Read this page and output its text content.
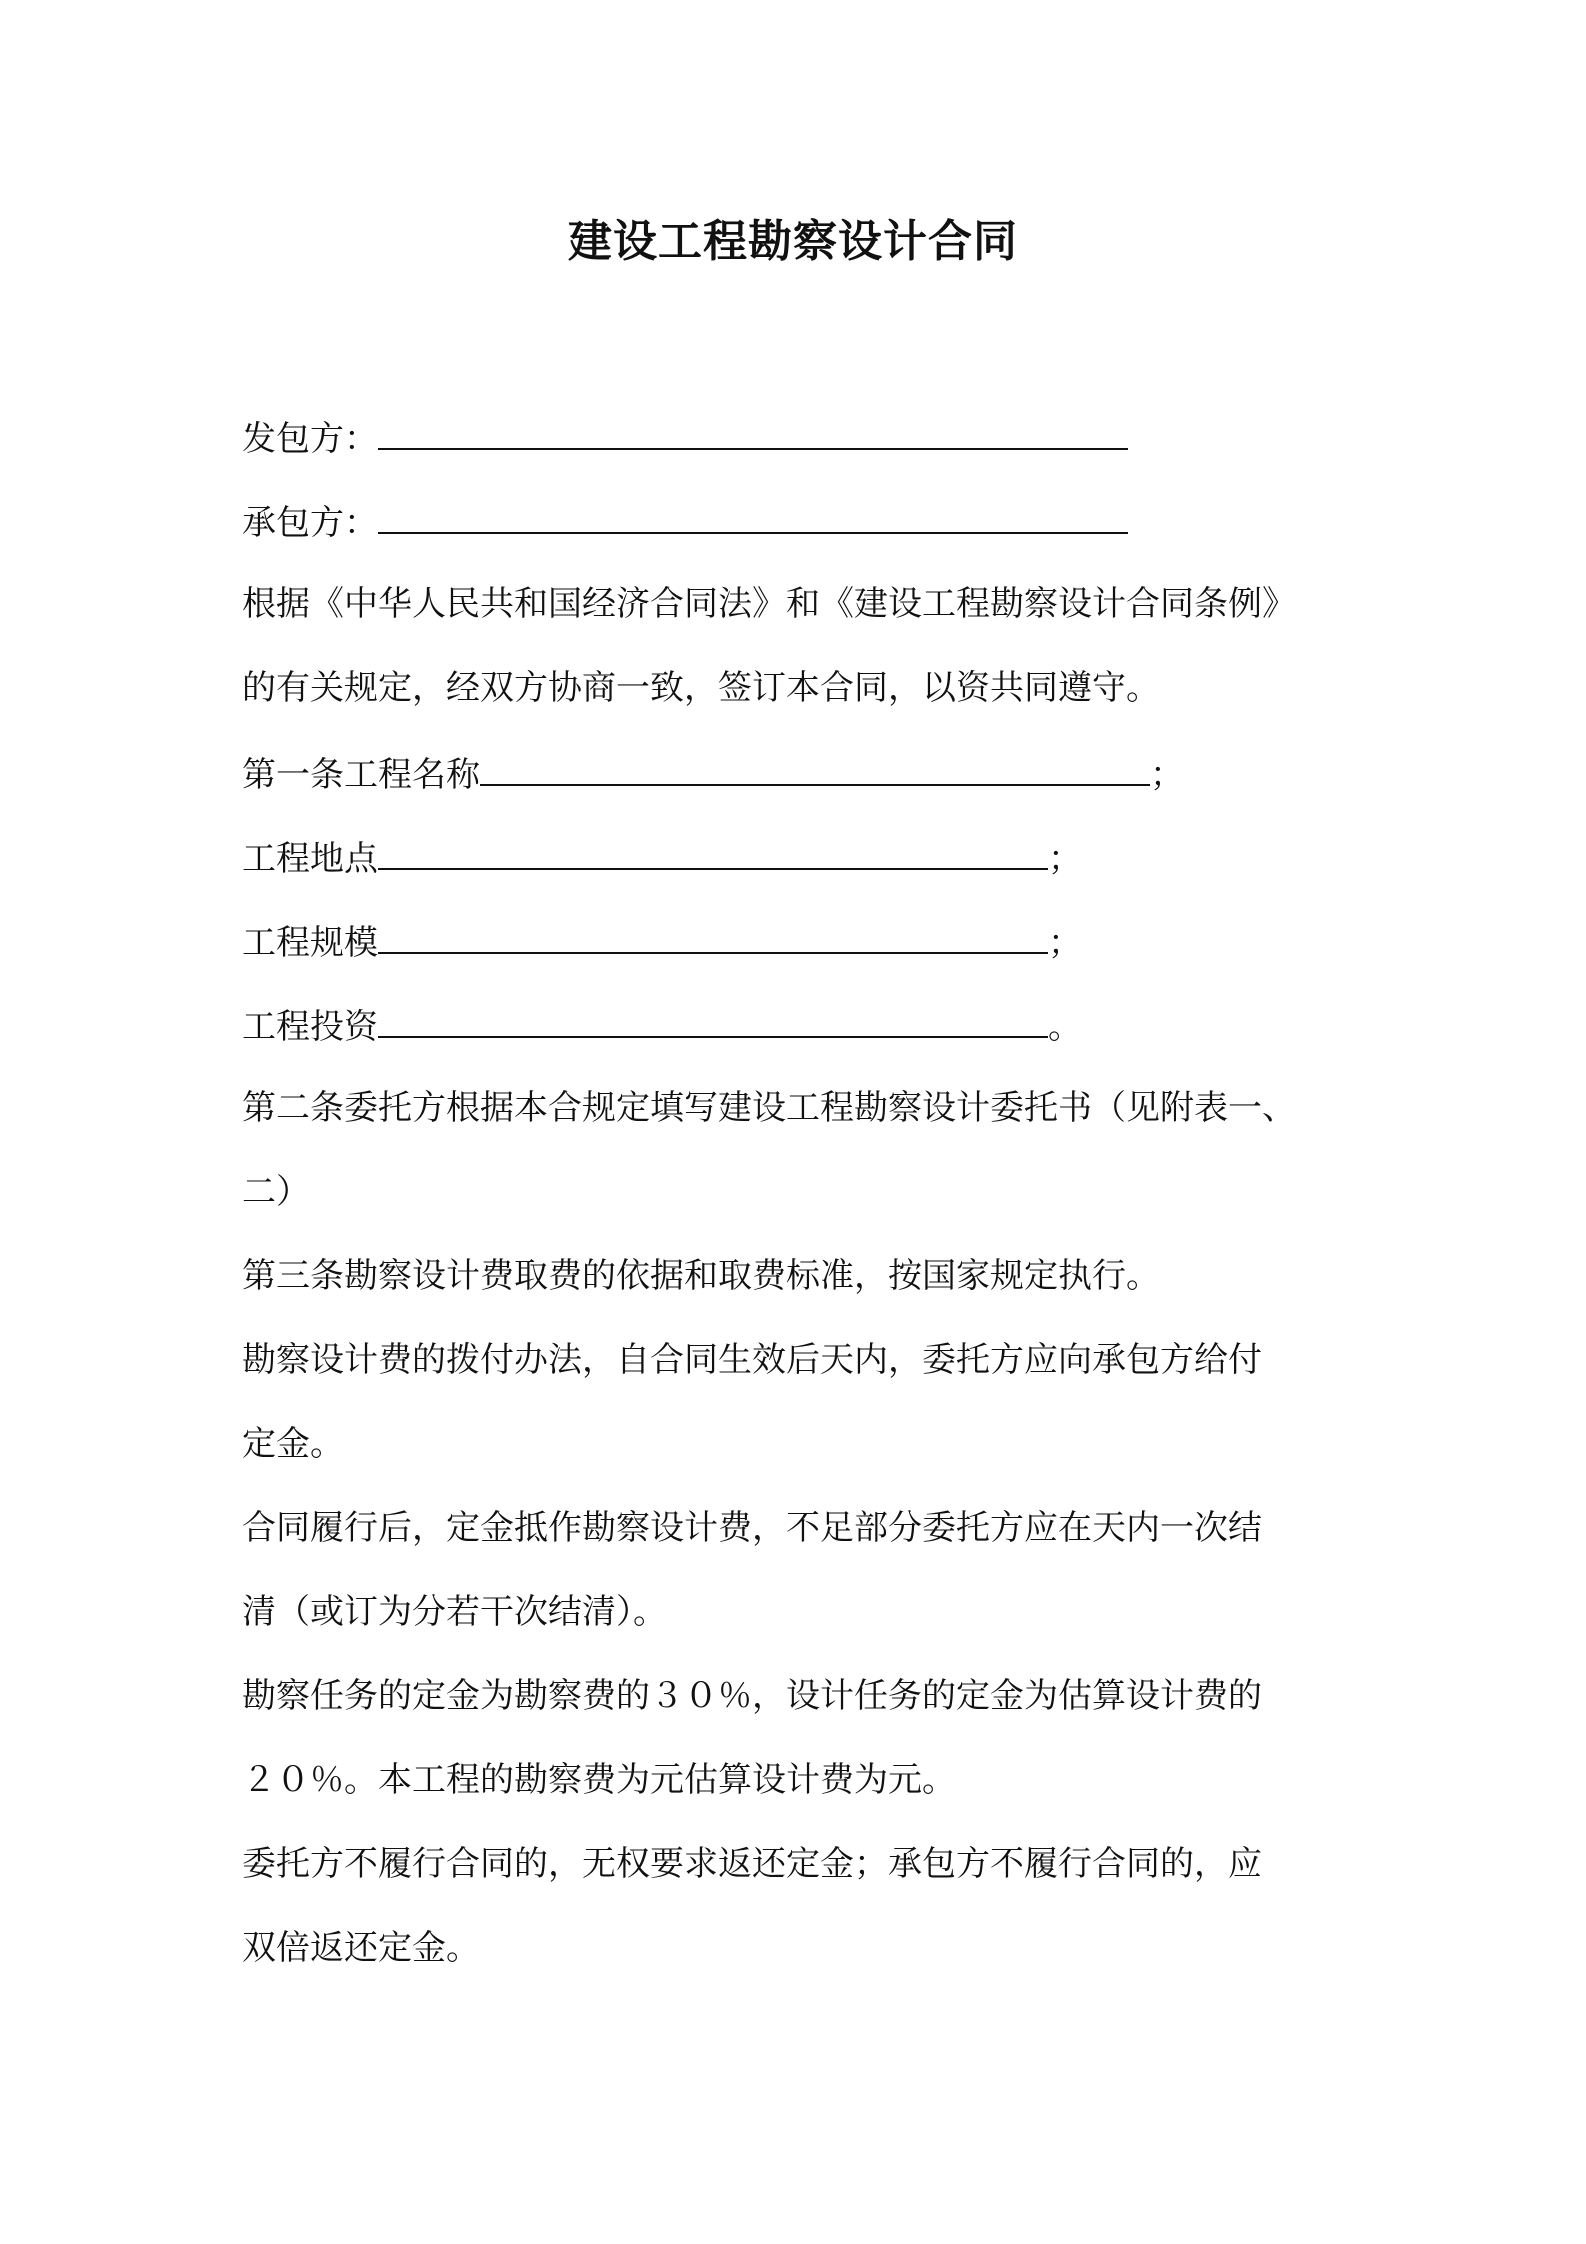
建设工程勘察设计合同
发包方：
承包方：
根据《中华人民共和国经济合同法》和《建设工程勘察设计合同条例》
的有关规定，经双方协商一致，签订本合同，以资共同遵守。
第一条工程名称	；
工程地点	；
工程规模	；
工程投资	。
第二条委托方根据本合规定填写建设工程勘察设计委托书（见附表一、
二）
第三条勘察设计费取费的依据和取费标准，按国家规定执行。
勘察设计费的拨付办法，自合同生效后天内，委托方应向承包方给付
定金。
合同履行后，定金抵作勘察设计费，不足部分委托方应在天内一次结
清（或订为分若干次结清）。
勘察任务的定金为勘察费的３０％，设计任务的定金为估算设计费的
２０％。本工程的勘察费为元估算设计费为元。
委托方不履行合同的，无权要求返还定金；承包方不履行合同的，应
双倍返还定金。
